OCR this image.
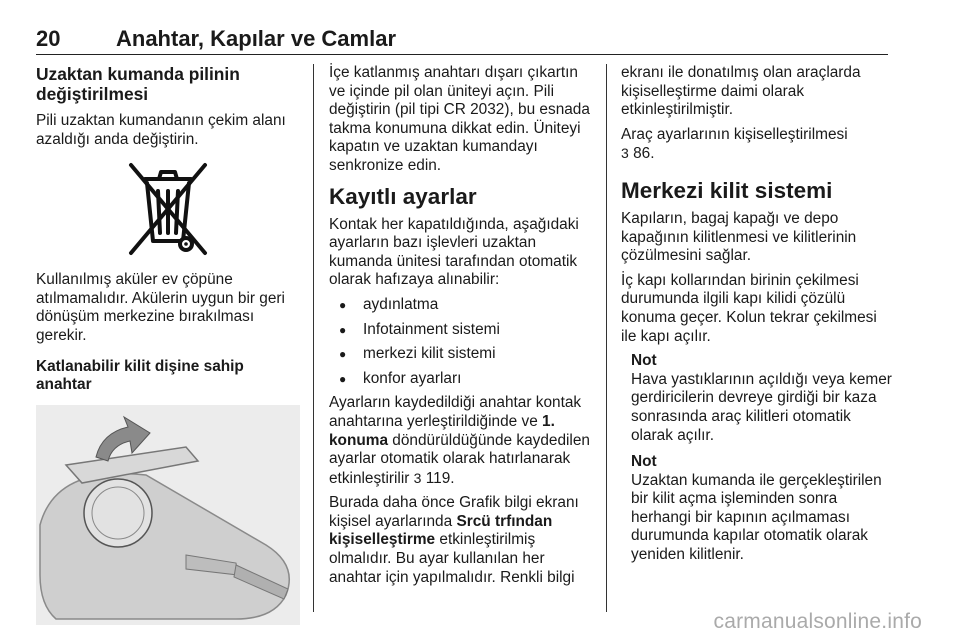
20	Anahtar, Kapılar ve Camlar
Uzaktan kumanda pilinin değiştirilmesi

Pili uzaktan kumandanın çekim alanı azaldığı anda değiştirin.

Kullanılmış aküler ev çöpüne atılmamalıdır. Akülerin uygun bir geri dönüşüm merkezine bırakılması gerekir.

Katlanabilir kilit dişine sahip anahtar

İçe katlanmış anahtarı dışarı çıkartın ve içinde pil olan üniteyi açın. Pili değiştirin (pil tipi CR 2032), bu esnada takma konumuna dikkat edin. Üniteyi kapatın ve uzaktan kumandayı senkronize edin.

Kayıtlı ayarlar

Kontak her kapatıldığında, aşağıdaki ayarların bazı işlevleri uzaktan kumanda ünitesi tarafından otomatik olarak hafızaya alınabilir:

● aydınlatma
● Infotainment sistemi
● merkezi kilit sistemi
● konfor ayarları

Ayarların kaydedildiği anahtar kontak anahtarına yerleştirildiğinde ve 1. konuma döndürüldüğünde kaydedilen ayarlar otomatik olarak hatırlanarak etkinleştirilir 3 119.

Burada daha önce Grafik bilgi ekranı kişisel ayarlarında Srcü trfından kişiselleştirme etkinleştirilmiş olmalıdır. Bu ayar kullanılan her anahtar için yapılmalıdır. Renkli bilgi

ekranı ile donatılmış olan araçlarda kişiselleştirme daimi olarak etkinleştirilmiştir.

Araç ayarlarının kişiselleştirilmesi
3 86.

Merkezi kilit sistemi

Kapıların, bagaj kapağı ve depo kapağının kilitlenmesi ve kilitlerinin çözülmesini sağlar.

İç kapı kollarından birinin çekilmesi durumunda ilgili kapı kilidi çözülü konuma geçer. Kolun tekrar çekilmesi ile kapı açılır.

Not
Hava yastıklarının açıldığı veya kemer gerdiricilerin devreye girdiği bir kaza sonrasında araç kilitleri otomatik olarak açılır.
Not
Uzaktan kumanda ile gerçekleştirilen bir kilit açma işleminden sonra herhangi bir kapının açılmaması durumunda kapılar otomatik olarak yeniden kilitlenir.
carmanualsonline.info
